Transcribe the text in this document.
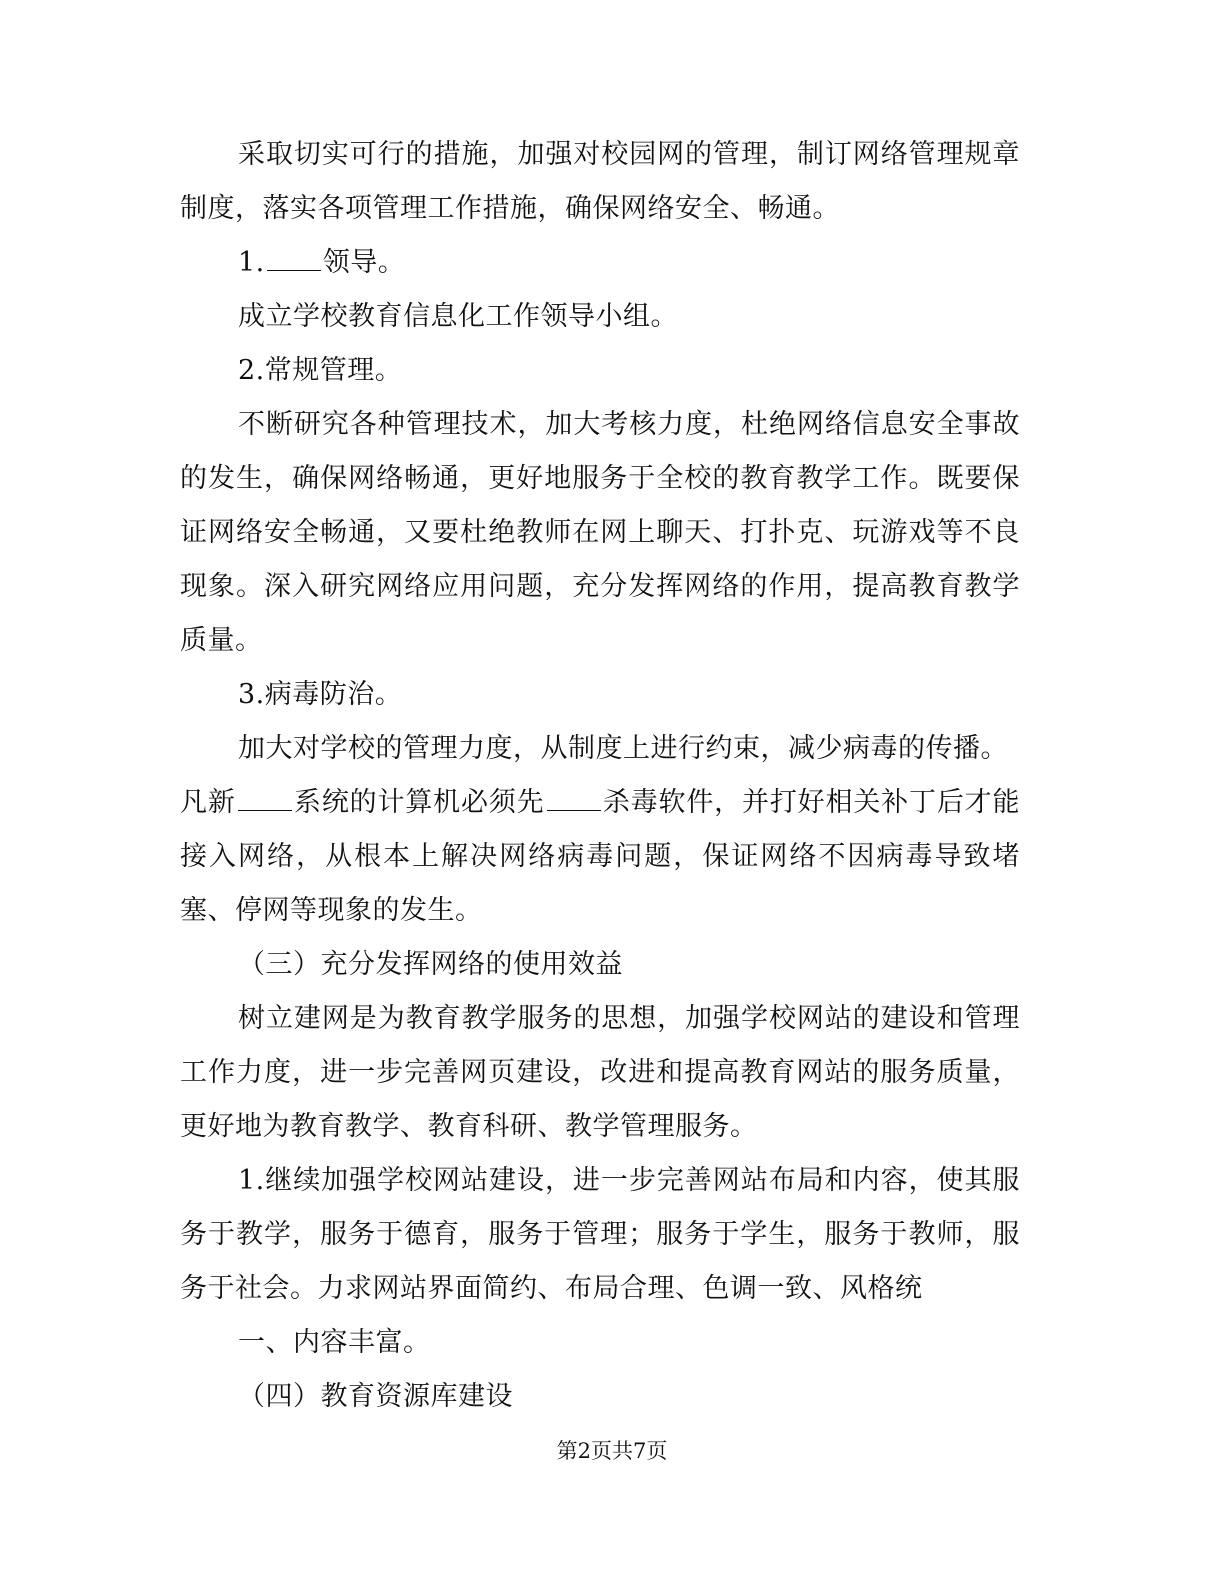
采取切实可行的措施，加强对校园网的管理，制订网络管理规章制度，落实各项管理工作措施，确保网络安全、畅通。

1. 领导。

成立学校教育信息化工作领导小组。

2.常规管理。

不断研究各种管理技术，加大考核力度，杜绝网络信息安全事故的发生，确保网络畅通，更好地服务于全校的教育教学工作。既要保证网络安全畅通，又要杜绝教师在网上聊天、打扑克、玩游戏等不良现象。深入研究网络应用问题，充分发挥网络的作用，提高教育教学质量。

3.病毒防治。

加大对学校的管理力度，从制度上进行约束，减少病毒的传播。

凡新 系统的计算机必须先 杀毒软件，并打好相关补丁后才能接入网络，从根本上解决网络病毒问题，保证网络不因病毒导致堵塞、停网等现象的发生。

（三）充分发挥网络的使用效益

树立建网是为教育教学服务的思想，加强学校网站的建设和管理工作力度，进一步完善网页建设，改进和提高教育网站的服务质量，更好地为教育教学、教育科研、教学管理服务。

1.继续加强学校网站建设，进一步完善网站布局和内容，使其服务于教学，服务于德育，服务于管理；服务于学生，服务于教师，服务于社会。力求网站界面简约、布局合理、色调一致、风格统

一、内容丰富。

（四）教育资源库建设

第2页共7页
